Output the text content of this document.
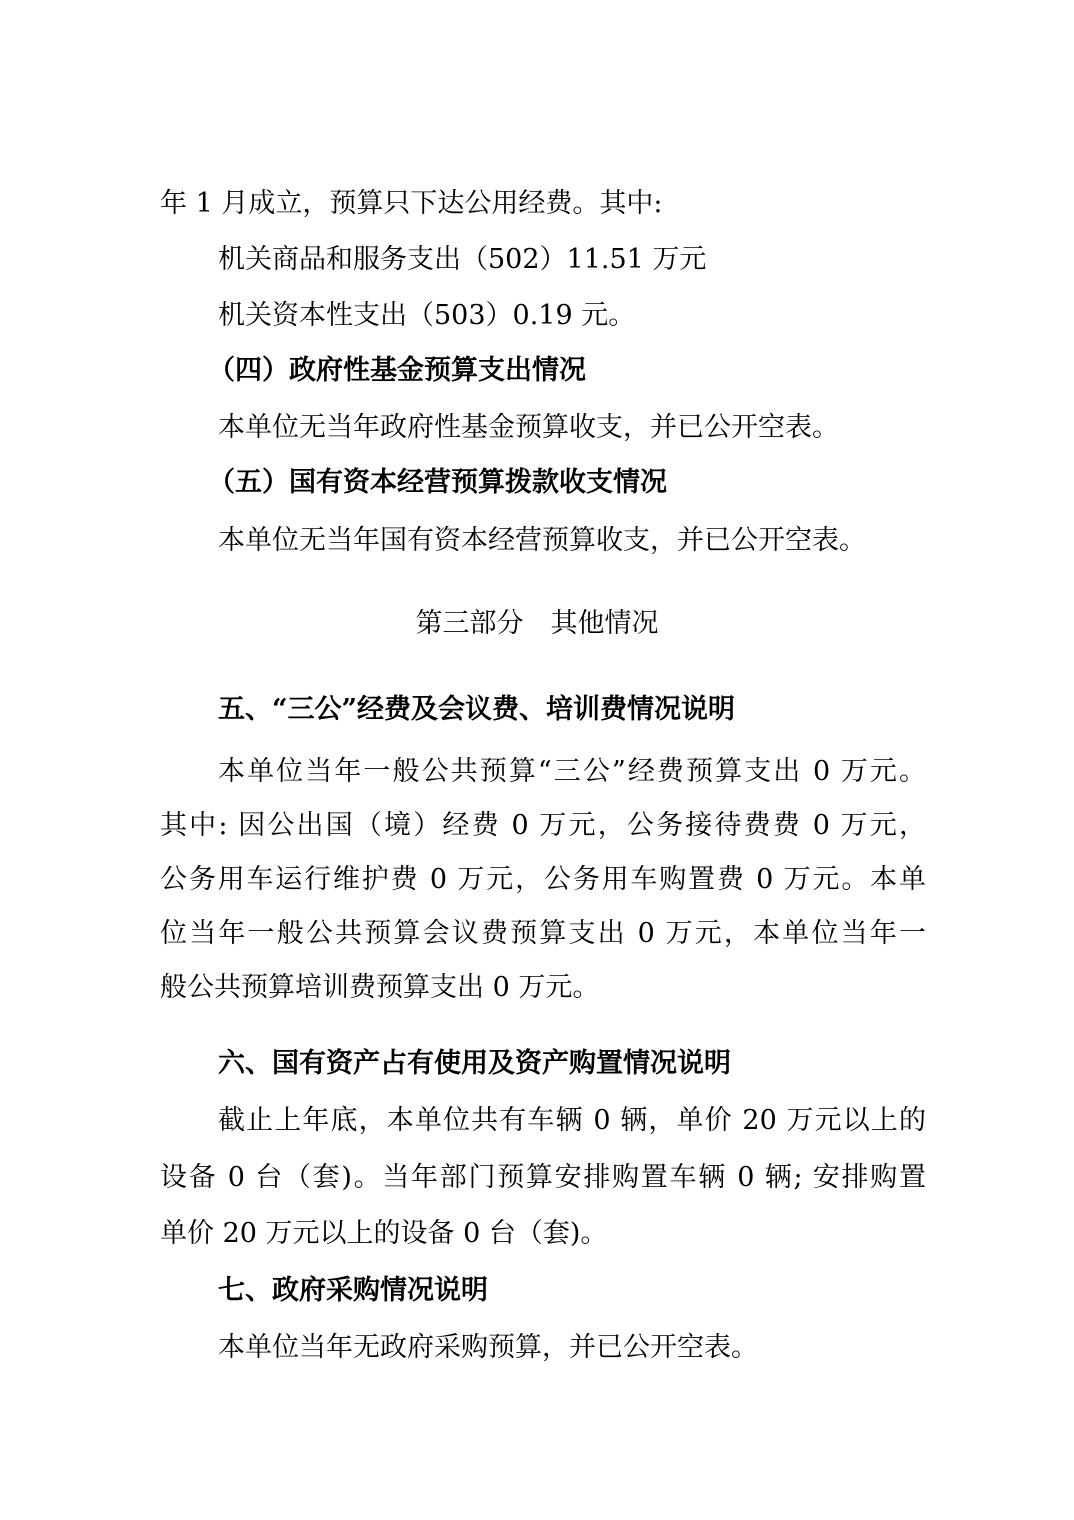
年 1 月成立，预算只下达公用经费。其中:
机关商品和服务支出（502）11.51 万元
机关资本性支出（503）0.19 元。
（四）政府性基金预算支出情况
本单位无当年政府性基金预算收支，并已公开空表。
（五）国有资本经营预算拨款收支情况
本单位无当年国有资本经营预算收支，并已公开空表。
第三部分　其他情况
五、“三公”经费及会议费、培训费情况说明
本单位当年一般公共预算“三公”经费预算支出 0 万元。
其中: 因公出国（境）经费 0 万元，公务接待费费 0 万元，
公务用车运行维护费 0 万元，公务用车购置费 0 万元。本单
位当年一般公共预算会议费预算支出 0 万元，本单位当年一
般公共预算培训费预算支出 0 万元。
六、国有资产占有使用及资产购置情况说明
截止上年底，本单位共有车辆 0 辆，单价 20 万元以上的
设备 0 台（套)。当年部门预算安排购置车辆 0 辆; 安排购置
单价 20 万元以上的设备 0 台（套)。
七、政府采购情况说明
本单位当年无政府采购预算，并已公开空表。
